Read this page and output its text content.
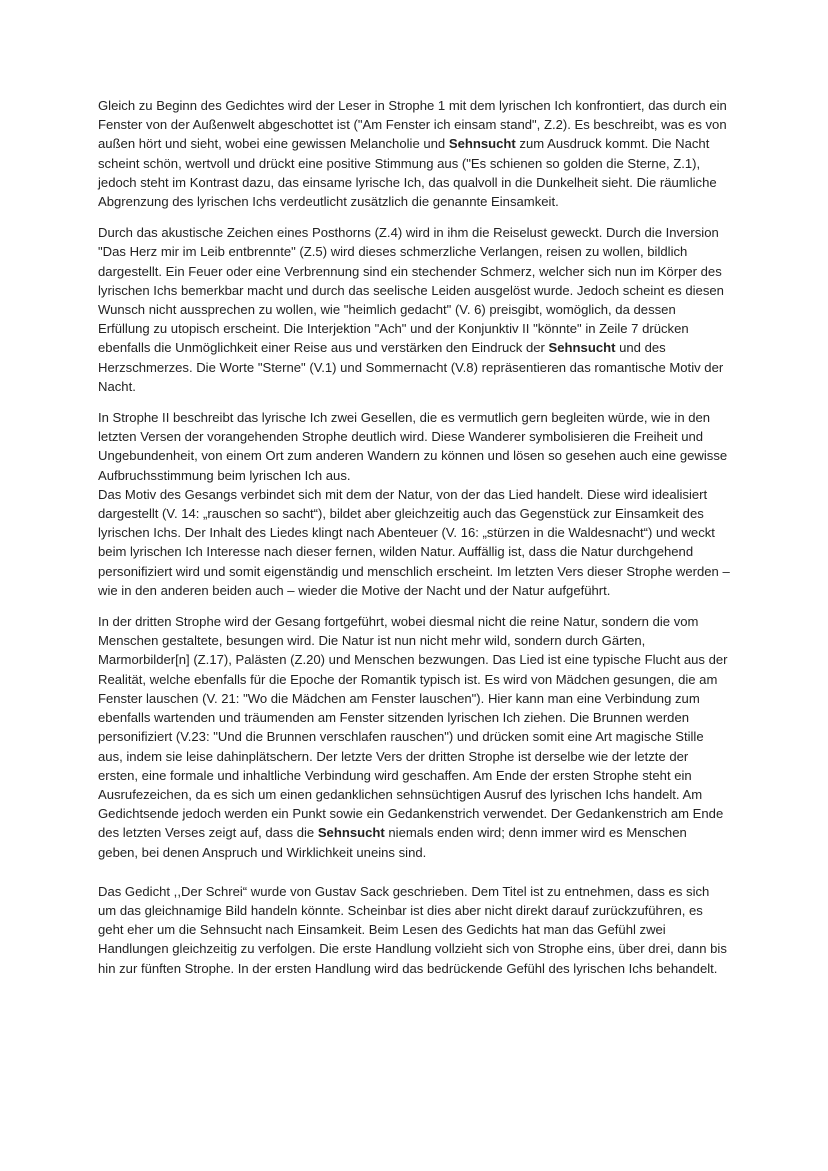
Gleich zu Beginn des Gedichtes wird der Leser in Strophe 1 mit dem lyrischen Ich konfrontiert, das durch ein Fenster von der Außenwelt abgeschottet ist ("Am Fenster ich einsam stand", Z.2). Es beschreibt, was es von außen hört und sieht, wobei eine gewissen Melancholie und Sehnsucht zum Ausdruck kommt. Die Nacht scheint schön, wertvoll und drückt eine positive Stimmung aus ("Es schienen so golden die Sterne, Z.1), jedoch steht im Kontrast dazu, das einsame lyrische Ich, das qualvoll in die Dunkelheit sieht. Die räumliche Abgrenzung des lyrischen Ichs verdeutlicht zusätzlich die genannte Einsamkeit.

Durch das akustische Zeichen eines Posthorns (Z.4) wird in ihm die Reiselust geweckt. Durch die Inversion "Das Herz mir im Leib entbrennte" (Z.5) wird dieses schmerzliche Verlangen, reisen zu wollen, bildlich dargestellt. Ein Feuer oder eine Verbrennung sind ein stechender Schmerz, welcher sich nun im Körper des lyrischen Ichs bemerkbar macht und durch das seelische Leiden ausgelöst wurde. Jedoch scheint es diesen Wunsch nicht aussprechen zu wollen, wie "heimlich gedacht" (V. 6) preisgibt, womöglich, da dessen Erfüllung zu utopisch erscheint. Die Interjektion "Ach" und der Konjunktiv II "könnte" in Zeile 7 drücken ebenfalls die Unmöglichkeit einer Reise aus und verstärken den Eindruck der Sehnsucht und des Herzschmerzes. Die Worte "Sterne" (V.1) und Sommernacht (V.8) repräsentieren das romantische Motiv der Nacht.

In Strophe II beschreibt das lyrische Ich zwei Gesellen, die es vermutlich gern begleiten würde, wie in den letzten Versen der vorangehenden Strophe deutlich wird. Diese Wanderer symbolisieren die Freiheit und Ungebundenheit, von einem Ort zum anderen Wandern zu können und lösen so gesehen auch eine gewisse Aufbruchsstimmung beim lyrischen Ich aus.

Das Motiv des Gesangs verbindet sich mit dem der Natur, von der das Lied handelt. Diese wird idealisiert dargestellt (V. 14: „rauschen so sacht“), bildet aber gleichzeitig auch das Gegenstück zur Einsamkeit des lyrischen Ichs. Der Inhalt des Liedes klingt nach Abenteuer (V. 16: „stürzen in die Waldesnacht“) und weckt beim lyrischen Ich Interesse nach dieser fernen, wilden Natur. Auffällig ist, dass die Natur durchgehend personifiziert wird und somit eigenständig und menschlich erscheint. Im letzten Vers dieser Strophe werden – wie in den anderen beiden auch – wieder die Motive der Nacht und der Natur aufgeführt.

In der dritten Strophe wird der Gesang fortgeführt, wobei diesmal nicht die reine Natur, sondern die vom Menschen gestaltete, besungen wird. Die Natur ist nun nicht mehr wild, sondern durch Gärten, Marmorbilder[n] (Z.17), Palästen (Z.20) und Menschen bezwungen. Das Lied ist eine typische Flucht aus der Realität, welche ebenfalls für die Epoche der Romantik typisch ist. Es wird von Mädchen gesungen, die am Fenster lauschen (V. 21: "Wo die Mädchen am Fenster lauschen"). Hier kann man eine Verbindung zum ebenfalls wartenden und träumenden am Fenster sitzenden lyrischen Ich ziehen. Die Brunnen werden personifiziert (V.23: "Und die Brunnen verschlafen rauschen") und drücken somit eine Art magische Stille aus, indem sie leise dahinplätschern. Der letzte Vers der dritten Strophe ist derselbe wie der letzte der ersten, eine formale und inhaltliche Verbindung wird geschaffen. Am Ende der ersten Strophe steht ein Ausrufezeichen, da es sich um einen gedanklichen sehnsüchtigen Ausruf des lyrischen Ichs handelt. Am Gedichtsende jedoch werden ein Punkt sowie ein Gedankenstrich verwendet. Der Gedankenstrich am Ende des letzten Verses zeigt auf, dass die Sehnsucht niemals enden wird; denn immer wird es Menschen geben, bei denen Anspruch und Wirklichkeit uneins sind.

Das Gedicht ,,Der Schrei“ wurde von Gustav Sack geschrieben. Dem Titel ist zu entnehmen, dass es sich um das gleichnamige Bild handeln könnte. Scheinbar ist dies aber nicht direkt darauf zurückzuführen, es geht eher um die Sehnsucht nach Einsamkeit. Beim Lesen des Gedichts hat man das Gefühl zwei Handlungen gleichzeitig zu verfolgen. Die erste Handlung vollzieht sich von Strophe eins, über drei, dann bis hin zur fünften Strophe. In der ersten Handlung wird das bedrückende Gefühl des lyrischen Ichs behandelt.
